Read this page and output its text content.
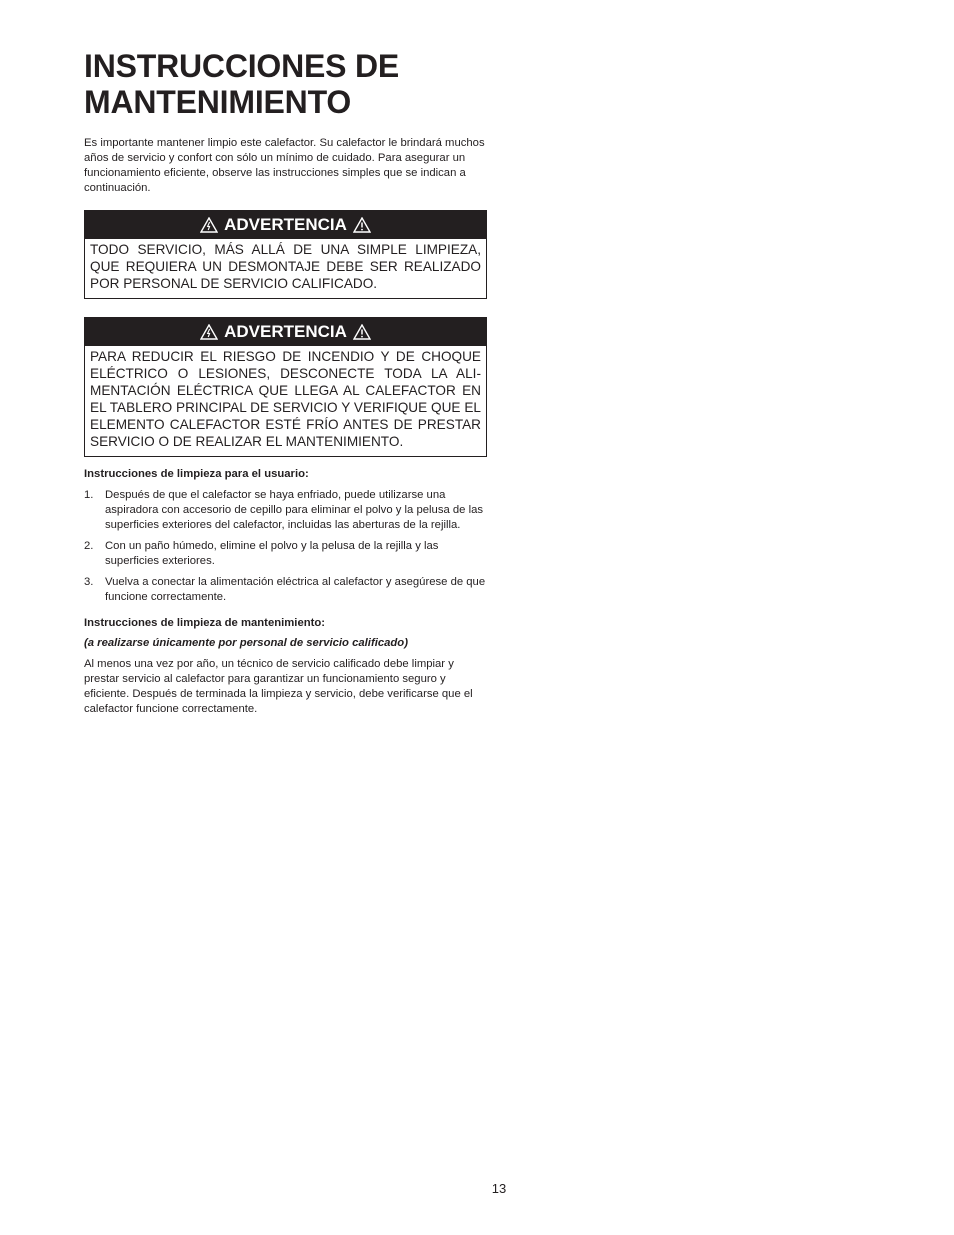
INSTRUCCIONES DE
MANTENIMIENTO

Es importante mantener limpio este calefactor. Su calefactor le brindará muchos años de servicio y confort con sólo un mínimo de cuidado. Para asegurar un funcionamiento eficiente, observe las instrucciones simples que se indican a continuación.

ADVERTENCIA
TODO SERVICIO, MÁS ALLÁ DE UNA SIMPLE LIMPIEZA, QUE REQUIERA UN DESMONTAJE DEBE SER REALIZADO POR PERSONAL DE SERVICIO CALIFICADO.
ADVERTENCIA
PARA REDUCIR EL RIESGO DE INCENDIO Y DE CHOQUE ELÉCTRICO O LESIONES, DESCONECTE TODA LA ALIMENTACIÓN ELÉCTRICA QUE LLEGA AL CALEFACTOR EN EL TABLERO PRINCIPAL DE SERVICIO Y VERIFIQUE QUE EL ELEMENTO CALEFACTOR ESTÉ FRÍO ANTES DE PRESTAR SERVICIO O DE REALIZAR EL MANTENIMIENTO.

Instrucciones de limpieza para el usuario:

1.	Después de que el calefactor se haya enfriado, puede utilizarse una aspiradora con accesorio de cepillo para eliminar el polvo y la pelusa de las superficies exteriores del calefactor, incluidas las aberturas de la rejilla.
2.	Con un paño húmedo, elimine el polvo y la pelusa de la rejilla y las superficies exteriores.
3.	Vuelva a conectar la alimentación eléctrica al calefactor y asegúrese de que funcione correctamente.

Instrucciones de limpieza de mantenimiento:

(a realizarse únicamente por personal de servicio calificado)

Al menos una vez por año, un técnico de servicio calificado debe limpiar y prestar servicio al calefactor para garantizar un funcionamiento seguro y eficiente. Después de terminada la limpieza y servicio, debe verificarse que el calefactor funcione correctamente.

13
